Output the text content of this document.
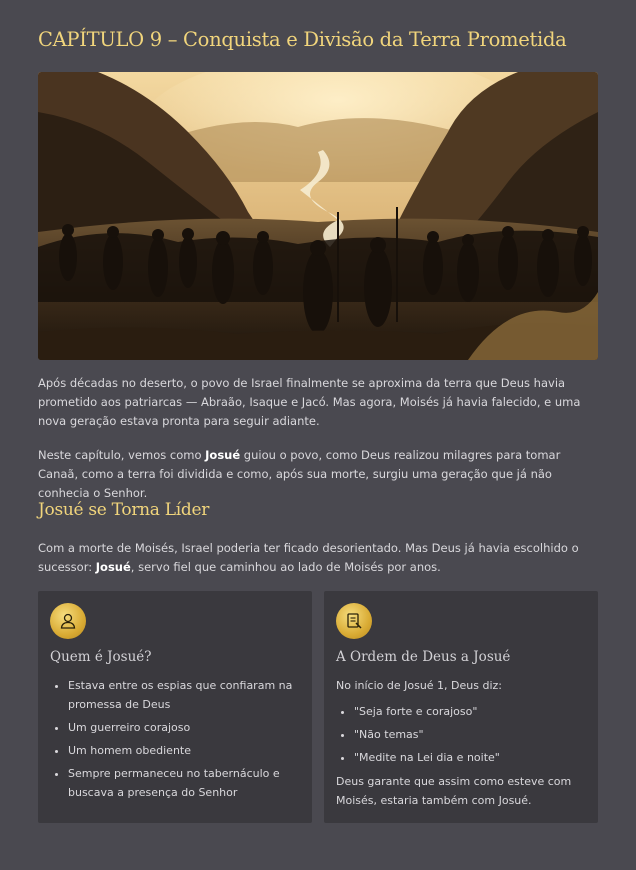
CAPÍTULO 9 – Conquista e Divisão da Terra Prometida

Após décadas no deserto, o povo de Israel finalmente se aproxima da terra que Deus havia prometido aos patriarcas — Abraão, Isaque e Jacó. Mas agora, Moisés já havia falecido, e uma nova geração estava pronta para seguir adiante.

Neste capítulo, vemos como Josué guiou o povo, como Deus realizou milagres para tomar Canaã, como a terra foi dividida e como, após sua morte, surgiu uma geração que já não conhecia o Senhor.

Josué se Torna Líder

Com a morte de Moisés, Israel poderia ter ficado desorientado. Mas Deus já havia escolhido o sucessor: Josué, servo fiel que caminhou ao lado de Moisés por anos.

Quem é Josué?
• Estava entre os espias que confiaram na promessa de Deus
• Um guerreiro corajoso
• Um homem obediente
• Sempre permaneceu no tabernáculo e buscava a presença do Senhor
A Ordem de Deus a Josué

No início de Josué 1, Deus diz:

• "Seja forte e corajoso"
• "Não temas"
• "Medite na Lei dia e noite"

Deus garante que assim como esteve com Moisés, estaria também com Josué.
